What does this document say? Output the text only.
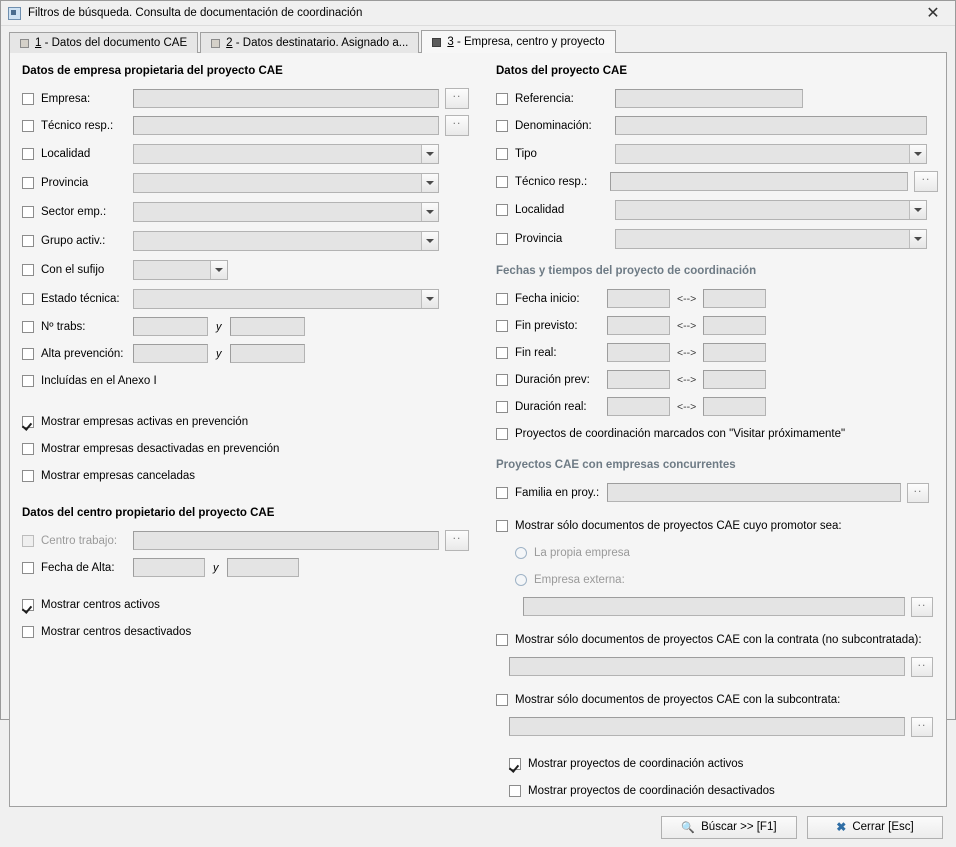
Filtros de búsqueda. Consulta de documentación de coordinación	✕
1 - Datos del documento CAE	2 - Datos destinatario. Asignado a...	3 - Empresa, centro y proyecto
Datos de empresa propietaria del proyecto CAE
Empresa:
..
Técnico resp.:
..
Localidad
Provincia
Sector emp.:
Grupo activ.:
Con el sufijo
Estado técnica:
Nº trabs:	y
Alta prevención:	y
Incluídas en el Anexo I
Mostrar empresas activas en prevención
Mostrar empresas desactivadas en prevención
Mostrar empresas canceladas
Datos del centro propietario del proyecto CAE
Centro trabajo:
..
Fecha de Alta:	y
Mostrar centros activos
Mostrar centros desactivados
Datos del proyecto CAE
Referencia:
Denominación:
Tipo
Técnico resp.:
..
Localidad
Provincia
Fechas y tiempos del proyecto de coordinación
Fecha inicio:	<-->
Fin previsto:	<-->
Fin real:	<-->
Duración prev:	<-->
Duración real:	<-->
Proyectos de coordinación marcados con "Visitar próximamente"
Proyectos CAE con empresas concurrentes
Familia en proy.:
..
Mostrar sólo documentos de proyectos CAE cuyo promotor sea:
La propia empresa
Empresa externa:
..
Mostrar sólo documentos de proyectos CAE con la contrata (no subcontratada):
..
Mostrar sólo documentos de proyectos CAE con la subcontrata:
..
Mostrar proyectos de coordinación activos
Mostrar proyectos de coordinación desactivados
🔍 Búscar >> [F1]	✖ Cerrar [Esc]
